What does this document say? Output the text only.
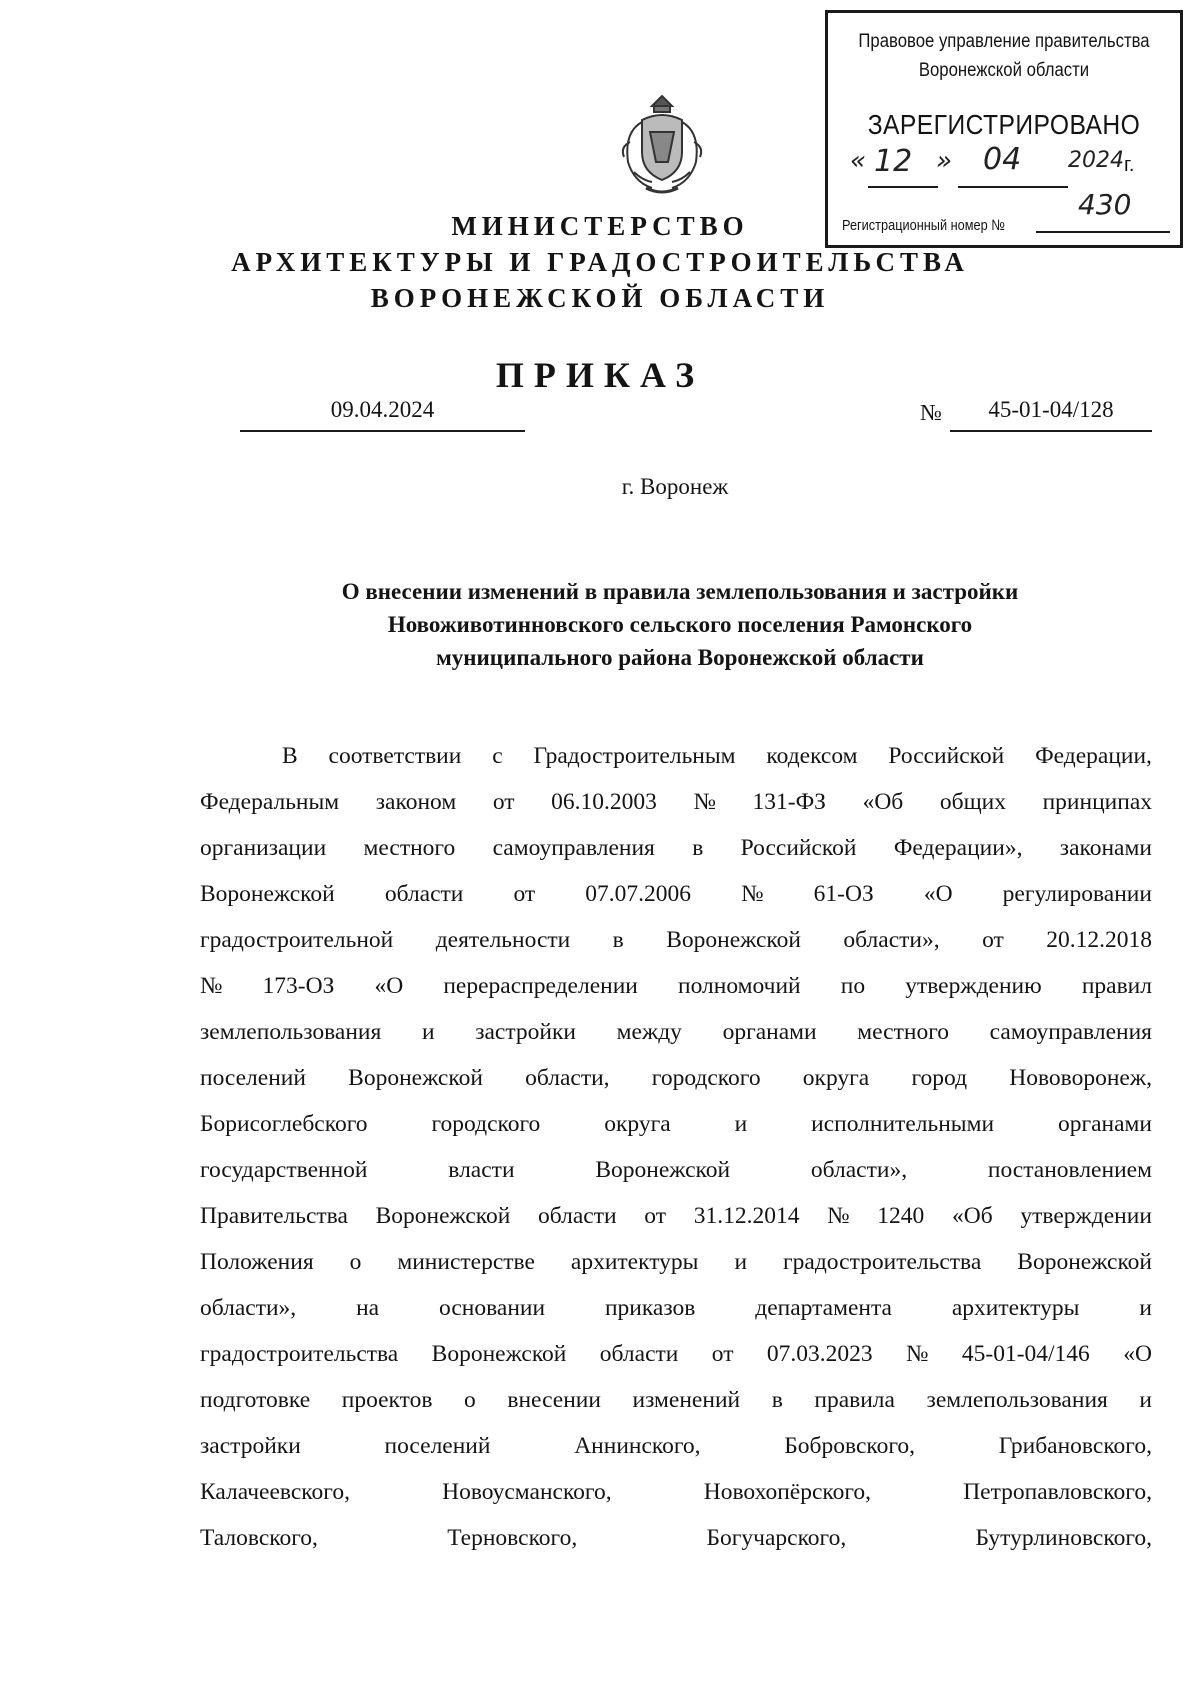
Правовое управление правительства
Воронежской области
ЗАРЕГИСТРИРОВАНО
« 12 » 04 2024 г.
Регистрационный номер №
430
МИНИСТЕРСТВО
АРХИТЕКТУРЫ И ГРАДОСТРОИТЕЛЬСТВА
ВОРОНЕЖСКОЙ ОБЛАСТИ
ПРИКАЗ
09.04.2024	№	45-01-04/128
г. Воронеж
О внесении изменений в правила землепользования и застройки
Новоживотинновского сельского поселения Рамонского
муниципального района Воронежской области
В соответствии с Градостроительным кодексом Российской Федерации,
Федеральным законом от 06.10.2003 № 131-ФЗ «Об общих принципах
организации местного самоуправления в Российской Федерации», законами
Воронежской области от 07.07.2006 № 61-ОЗ «О регулировании
градостроительной деятельности в Воронежской области», от 20.12.2018
№ 173-ОЗ «О перераспределении полномочий по утверждению правил
землепользования и застройки между органами местного самоуправления
поселений Воронежской области, городского округа город Нововоронеж,
Борисоглебского	городского	округа	и	исполнительными	органами
государственной	власти	Воронежской	области»,	постановлением
Правительства Воронежской области от 31.12.2014 № 1240 «Об утверждении
Положения о министерстве архитектуры и градостроительства Воронежской
области»,	на	основании	приказов	департамента	архитектуры	и
градостроительства Воронежской области от 07.03.2023 № 45-01-04/146 «О
подготовке проектов о внесении изменений в правила землепользования и
застройки	поселений	Аннинского,	Бобровского,	Грибановского,
Калачеевского,	Новоусманского,	Новохопёрского,	Петропавловского,
Таловского,	Терновского,	Богучарского,	Бутурлиновского,
